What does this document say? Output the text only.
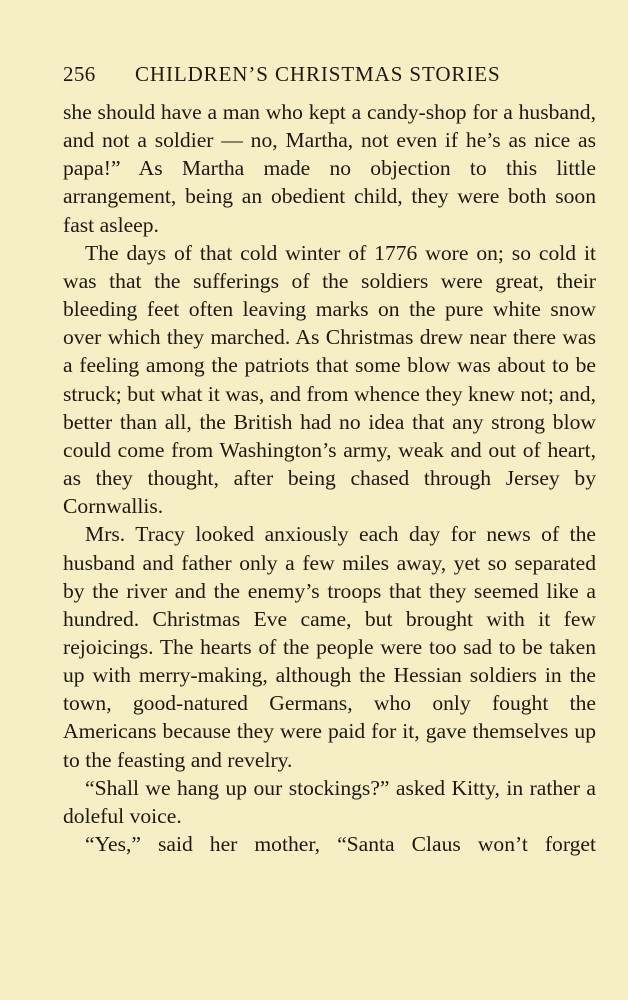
256 CHILDREN’S CHRISTMAS STORIES

she should have a man who kept a candy-shop for a husband, and not a soldier — no, Martha, not even if he’s as nice as papa!” As Martha made no objection to this little arrangement, being an obedient child, they were both soon fast asleep.

The days of that cold winter of 1776 wore on; so cold it was that the sufferings of the soldiers were great, their bleeding feet often leaving marks on the pure white snow over which they marched. As Christmas drew near there was a feeling among the patriots that some blow was about to be struck; but what it was, and from whence they knew not; and, better than all, the British had no idea that any strong blow could come from Washington’s army, weak and out of heart, as they thought, after being chased through Jersey by Cornwallis.

Mrs. Tracy looked anxiously each day for news of the husband and father only a few miles away, yet so separated by the river and the enemy’s troops that they seemed like a hundred. Christmas Eve came, but brought with it few rejoicings. The hearts of the people were too sad to be taken up with merry-making, although the Hessian soldiers in the town, good-natured Germans, who only fought the Americans because they were paid for it, gave themselves up to the feasting and revelry.

“Shall we hang up our stockings?” asked Kitty, in rather a doleful voice.

“Yes,” said her mother, “Santa Claus won’t forget
